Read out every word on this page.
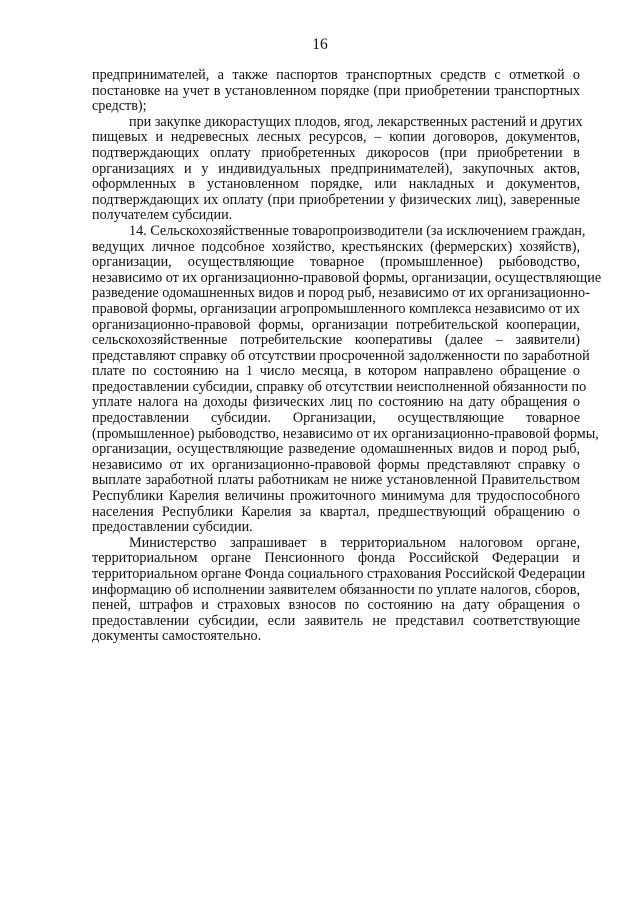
16
предпринимателей, а также паспортов транспортных средств с отметкой о
постановке на учет в установленном порядке (при приобретении транспортных
средств);
при закупке дикорастущих плодов, ягод, лекарственных растений и других
пищевых и недревесных лесных ресурсов, – копии договоров, документов,
подтверждающих оплату приобретенных дикоросов (при приобретении в
организациях и у индивидуальных предпринимателей), закупочных актов,
оформленных в установленном порядке, или накладных и документов,
подтверждающих их оплату (при приобретении у физических лиц), заверенные
получателем субсидии.
14. Сельскохозяйственные товаропроизводители (за исключением граждан,
ведущих личное подсобное хозяйство, крестьянских (фермерских) хозяйств),
организации, осуществляющие товарное (промышленное) рыбоводство,
независимо от их организационно-правовой формы, организации, осуществляющие
разведение одомашненных видов и пород рыб, независимо от их организационно-
правовой формы, организации агропромышленного комплекса независимо от их
организационно-правовой формы, организации потребительской кооперации,
сельскохозяйственные потребительские кооперативы (далее – заявители)
представляют справку об отсутствии просроченной задолженности по заработной
плате по состоянию на 1 число месяца, в котором направлено обращение о
предоставлении субсидии, справку об отсутствии неисполненной обязанности по
уплате налога на доходы физических лиц по состоянию на дату обращения о
предоставлении субсидии. Организации, осуществляющие товарное
(промышленное) рыбоводство, независимо от их организационно-правовой формы,
организации, осуществляющие разведение одомашненных видов и пород рыб,
независимо от их организационно-правовой формы представляют справку о
выплате заработной платы работникам не ниже установленной Правительством
Республики Карелия величины прожиточного минимума для трудоспособного
населения Республики Карелия за квартал, предшествующий обращению о
предоставлении субсидии.
Министерство запрашивает в территориальном налоговом органе,
территориальном органе Пенсионного фонда Российской Федерации и
территориальном органе Фонда социального страхования Российской Федерации
информацию об исполнении заявителем обязанности по уплате налогов, сборов,
пеней, штрафов и страховых взносов по состоянию на дату обращения о
предоставлении субсидии, если заявитель не представил соответствующие
документы самостоятельно.
